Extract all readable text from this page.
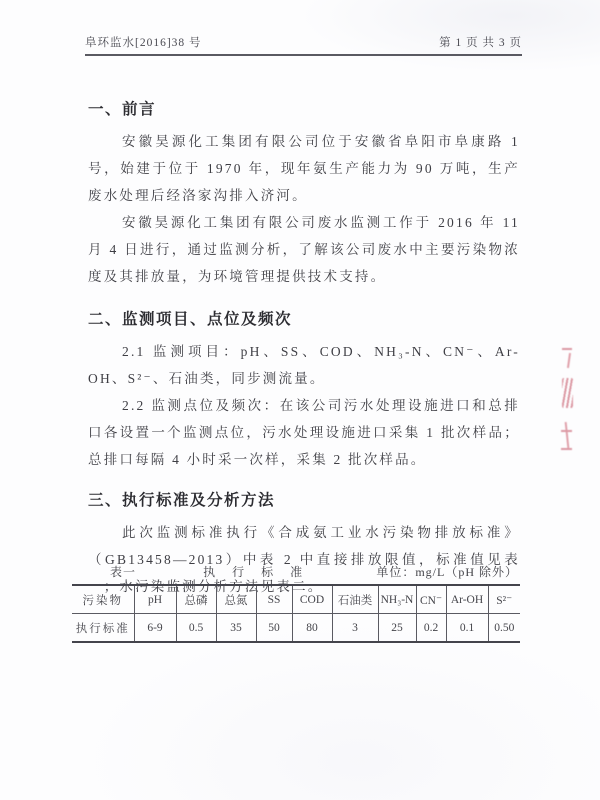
阜环监水[2016]38 号	第 1 页 共 3 页
一、前言

安徽昊源化工集团有限公司位于安徽省阜阳市阜康路 1 号，始建于位于 1970 年，现年氨生产能力为 90 万吨，生产废水处理后经洛家沟排入济河。

安徽昊源化工集团有限公司废水监测工作于 2016 年 11 月 4 日进行，通过监测分析，了解该公司废水中主要污染物浓度及其排放量，为环境管理提供技术支持。

二、监测项目、点位及频次

2.1 监测项目：pH、SS、COD、NH₃-N、CN⁻、Ar-OH、S²⁻、石油类，同步测流量。

2.2 监测点位及频次：在该公司污水处理设施进口和总排口各设置一个监测点位，污水处理设施进口采集 1 批次样品；总排口每隔 4 小时采一次样，采集 2 批次样品。

三、执行标准及分析方法

此次监测标准执行《合成氨工业水污染物排放标准》（GB13458—2013）中表 2 中直接排放限值，标准值见表一；水污染监测分析方法见表二。

表一	执 行 标 准	单位：mg/L（pH 除外）
污染物	pH	总磷	总氮	SS	COD	石油类	NH₃-N	CN⁻	Ar-OH	S²⁻
执行标准	6-9	0.5	35	50	80	3	25	0.2	0.1	0.50
